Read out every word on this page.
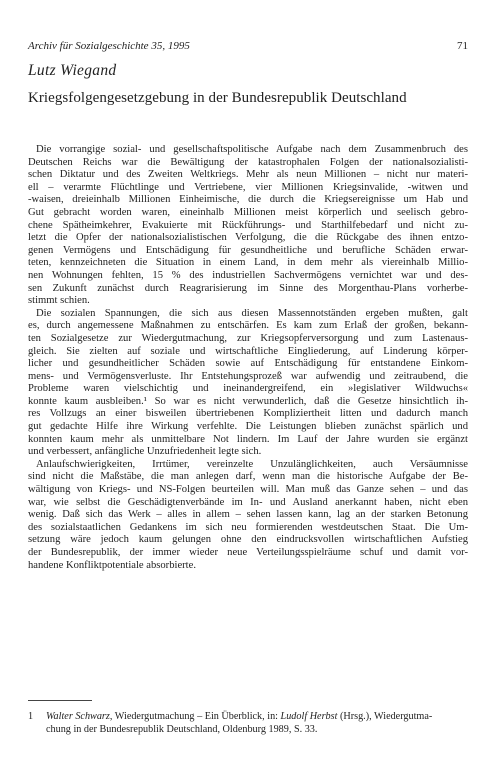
Archiv für Sozialgeschichte 35, 1995	71
Lutz Wiegand
Kriegsfolgengesetzgebung in der Bundesrepublik Deutschland
Die vorrangige sozial- und gesellschaftspolitische Aufgabe nach dem Zusammenbruch des
Deutschen Reichs war die Bewältigung der katastrophalen Folgen der nationalsozialisti-
schen Diktatur und des Zweiten Weltkriegs. Mehr als neun Millionen – nicht nur materi-
ell – verarmte Flüchtlinge und Vertriebene, vier Millionen Kriegsinvalide, -witwen und
-waisen, dreieinhalb Millionen Einheimische, die durch die Kriegsereignisse um Hab und
Gut gebracht worden waren, eineinhalb Millionen meist körperlich und seelisch gebro-
chene Spätheimkehrer, Evakuierte mit Rückführungs- und Starthilfebedarf und nicht zu-
letzt die Opfer der nationalsozialistischen Verfolgung, die die Rückgabe des ihnen entzo-
genen Vermögens und Entschädigung für gesundheitliche und berufliche Schäden erwar-
teten, kennzeichneten die Situation in einem Land, in dem mehr als viereinhalb Millio-
nen Wohnungen fehlten, 15 % des industriellen Sachvermögens vernichtet war und des-
sen Zukunft zunächst durch Reagrarisierung im Sinne des Morgenthau-Plans vorherbe-
stimmt schien.
Die sozialen Spannungen, die sich aus diesen Massennotständen ergeben mußten, galt
es, durch angemessene Maßnahmen zu entschärfen. Es kam zum Erlaß der großen, bekann-
ten Sozialgesetze zur Wiedergutmachung, zur Kriegsopferversorgung und zum Lastenaus-
gleich. Sie zielten auf soziale und wirtschaftliche Eingliederung, auf Linderung körper-
licher und gesundheitlicher Schäden sowie auf Entschädigung für entstandene Einkom-
mens- und Vermögensverluste. Ihr Entstehungsprozeß war aufwendig und zeitraubend, die
Probleme waren vielschichtig und ineinandergreifend, ein »legislativer Wildwuchs«
konnte kaum ausbleiben.¹ So war es nicht verwunderlich, daß die Gesetze hinsichtlich ih-
res Vollzugs an einer bisweilen übertriebenen Kompliziertheit litten und dadurch manch
gut gedachte Hilfe ihre Wirkung verfehlte. Die Leistungen blieben zunächst spärlich und
konnten kaum mehr als unmittelbare Not lindern. Im Lauf der Jahre wurden sie ergänzt
und verbessert, anfängliche Unzufriedenheit legte sich.
Anlaufschwierigkeiten, Irrtümer, vereinzelte Unzulänglichkeiten, auch Versäumnisse
sind nicht die Maßstäbe, die man anlegen darf, wenn man die historische Aufgabe der Be-
wältigung von Kriegs- und NS-Folgen beurteilen will. Man muß das Ganze sehen – und das
war, wie selbst die Geschädigtenverbände im In- und Ausland anerkannt haben, nicht eben
wenig. Daß sich das Werk – alles in allem – sehen lassen kann, lag an der starken Betonung
des sozialstaatlichen Gedankens im sich neu formierenden westdeutschen Staat. Die Um-
setzung wäre jedoch kaum gelungen ohne den eindrucksvollen wirtschaftlichen Aufstieg
der Bundesrepublik, der immer wieder neue Verteilungsspielräume schuf und damit vor-
handene Konfliktpotentiale absorbierte.
1 Walter Schwarz, Wiedergutmachung – Ein Überblick, in: Ludolf Herbst (Hrsg.), Wiedergutma-
chung in der Bundesrepublik Deutschland, Oldenburg 1989, S. 33.
